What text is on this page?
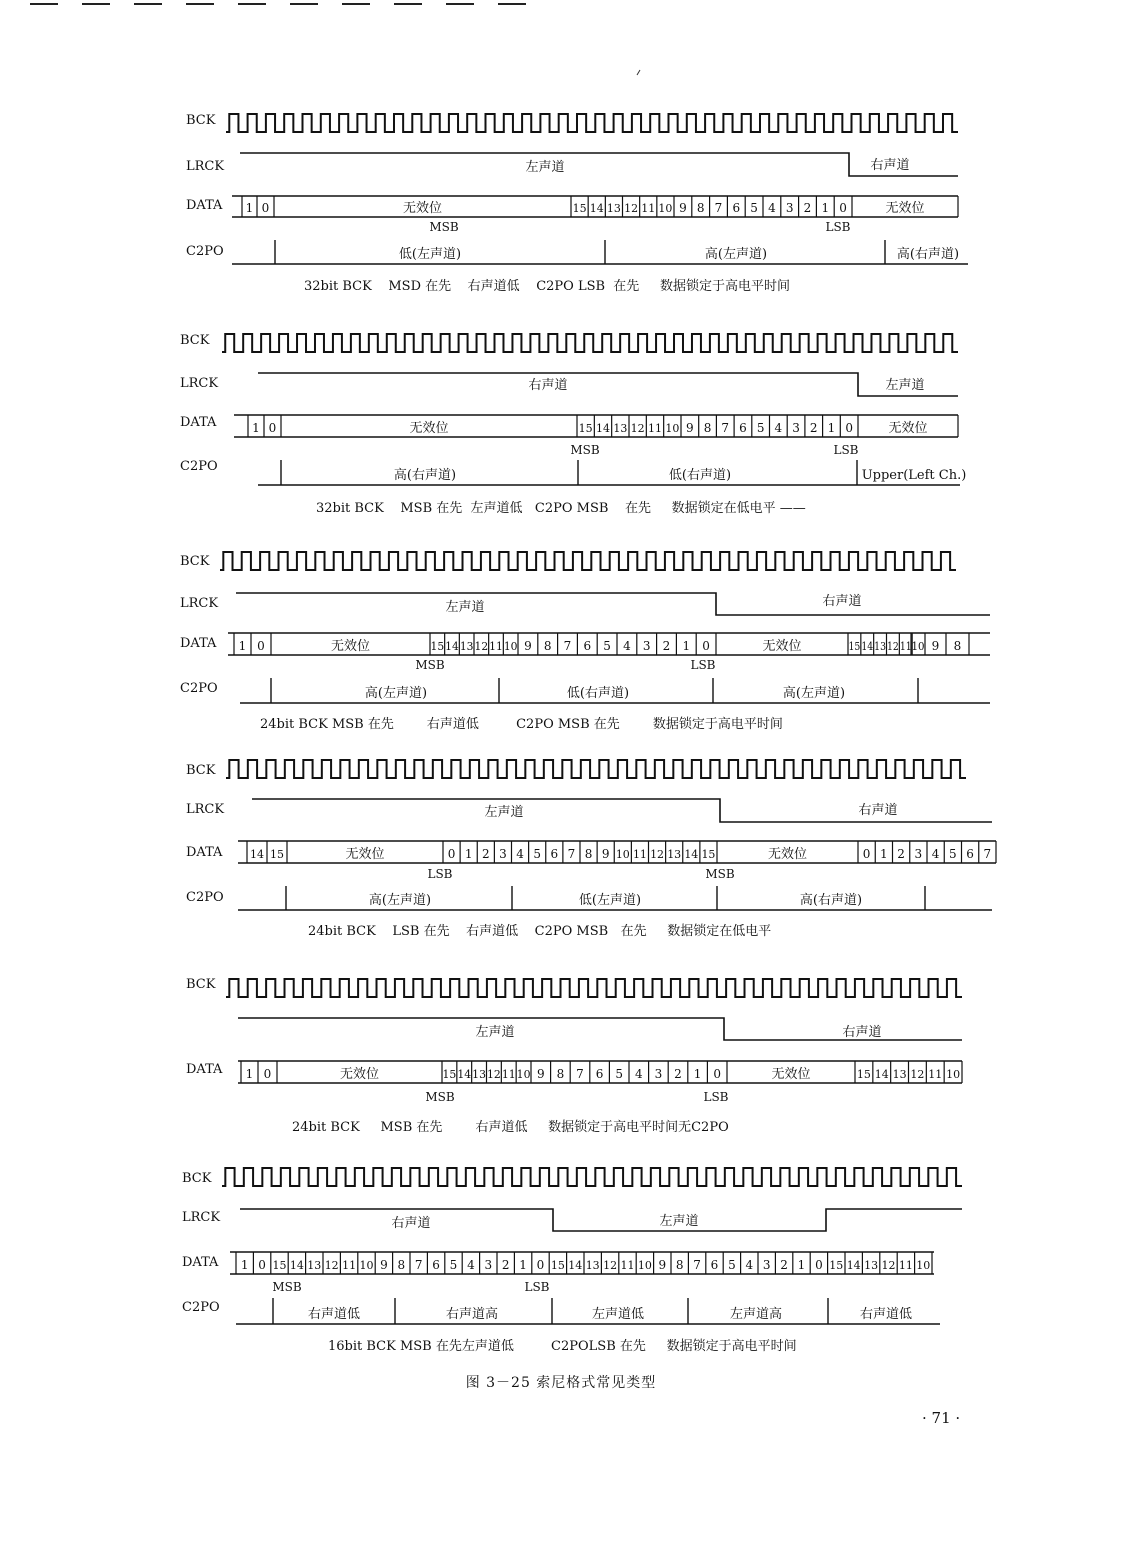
BCK
LRCK
DATA
C2PO
左声道	右声道
1 0	无效位	15 14 13 12 11 10 9 8 7 6 5 4 3 2 1 0	无效位
MSB	LSB
低(左声道)	高(左声道)	高(右声道)
BCK
LRCK
DATA
C2PO
右声道	左声道
1 0	无效位	15 14 13 12 11 10 9 8 7 6 5 4 3 2 1 0	无效位
MSB	LSB
高(右声道)	低(右声道)	Upper(Left Ch.)
BCK
LRCK
DATA
C2PO
左声道	右声道
1 0	无效位	15 14 13 12 11 10 9 8 7 6 5 4 3 2 1 0	无效位	15 14 13 12 11 10 9 8
MSB	LSB
高(左声道)	低(右声道)	高(左声道)
BCK
LRCK
DATA
C2PO
左声道	右声道
14 15	无效位	0 1 2 3 4 5 6 7 8 9 10 11 12 13 14 15	无效位	0 1 2 3 4 5 6 7
LSB	MSB
高(左声道)	低(左声道)	高(右声道)
BCK
DATA
左声道	右声道
1 0	无效位	15 14 13 12 11 10 9 8 7 6 5 4 3 2 1 0	无效位	15 14 13 12 11 10
MSB	LSB
BCK
LRCK
DATA
C2PO
右声道	左声道
1 0 15 14 13 12 11 10 9 8 7 6 5 4 3 2 1 0 15 14 13 12 11 10 9 8 7 6 5 4 3 2 1 0 15 14 13 12 11 10
MSB	LSB
右声道低	右声道高	左声道低	左声道高	右声道低
32bit BCK    MSD 在先    右声道低    C2PO LSB  在先     数据锁定于高电平时间
32bit BCK    MSB 在先  左声道低   C2PO MSB    在先     数据锁定在低电平 ——
24bit BCK MSB 在先        右声道低         C2PO MSB 在先        数据锁定于高电平时间
24bit BCK    LSB 在先    右声道低    C2PO MSB   在先     数据锁定在低电平
24bit BCK     MSB 在先        右声道低     数据锁定于高电平时间无C2PO
16bit BCK MSB 在先左声道低         C2POLSB 在先     数据锁定于高电平时间
图 3－25 索尼格式常见类型
· 71 ·
